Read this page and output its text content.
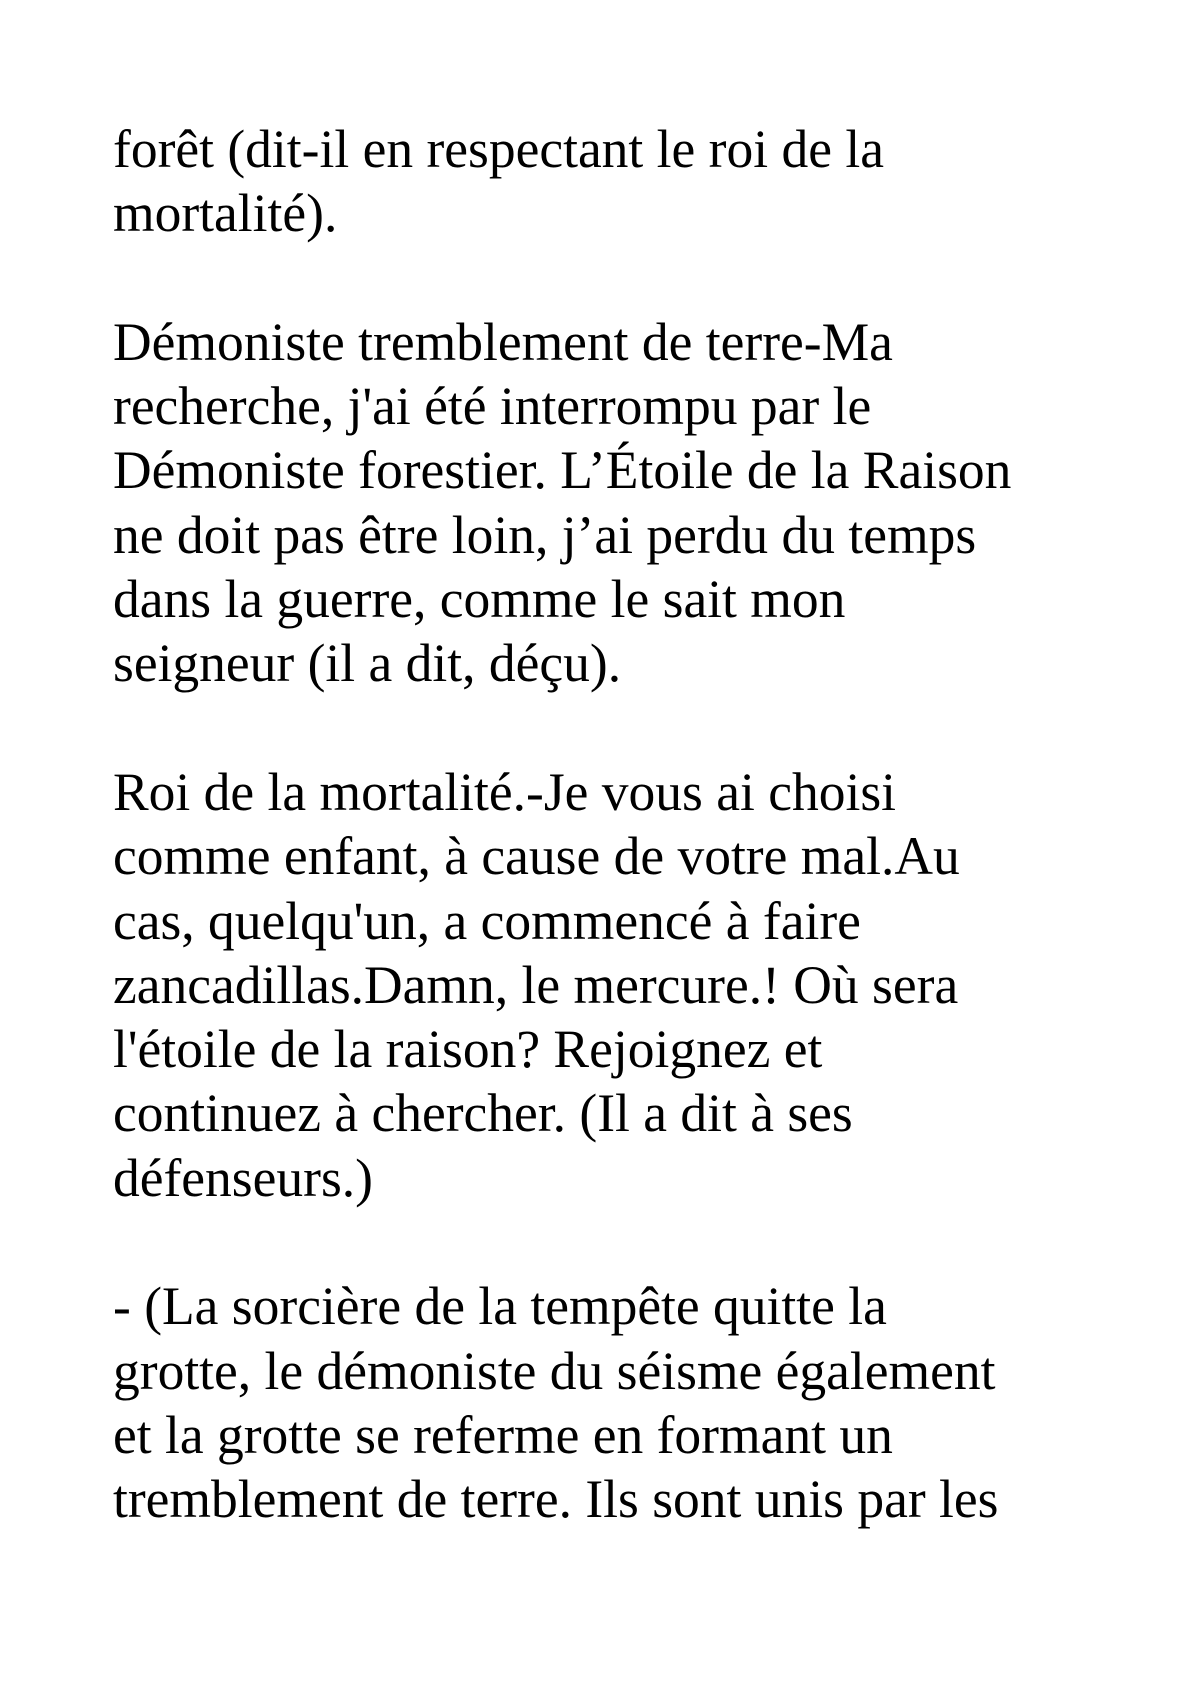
forêt (dit-il en respectant le roi de la
mortalité).
Démoniste tremblement de terre-Ma
recherche, j'ai été interrompu par le
Démoniste forestier. L’Étoile de la Raison
ne doit pas être loin, j’ai perdu du temps
dans la guerre, comme le sait mon
seigneur (il a dit, déçu).
Roi de la mortalité.-Je vous ai choisi
comme enfant, à cause de votre mal.Au
cas, quelqu'un, a commencé à faire
zancadillas.Damn, le mercure.! Où sera
l'étoile de la raison? Rejoignez et
continuez à chercher. (Il a dit à ses
défenseurs.)
- (La sorcière de la tempête quitte la
grotte, le démoniste du séisme également
et la grotte se referme en formant un
tremblement de terre. Ils sont unis par les
